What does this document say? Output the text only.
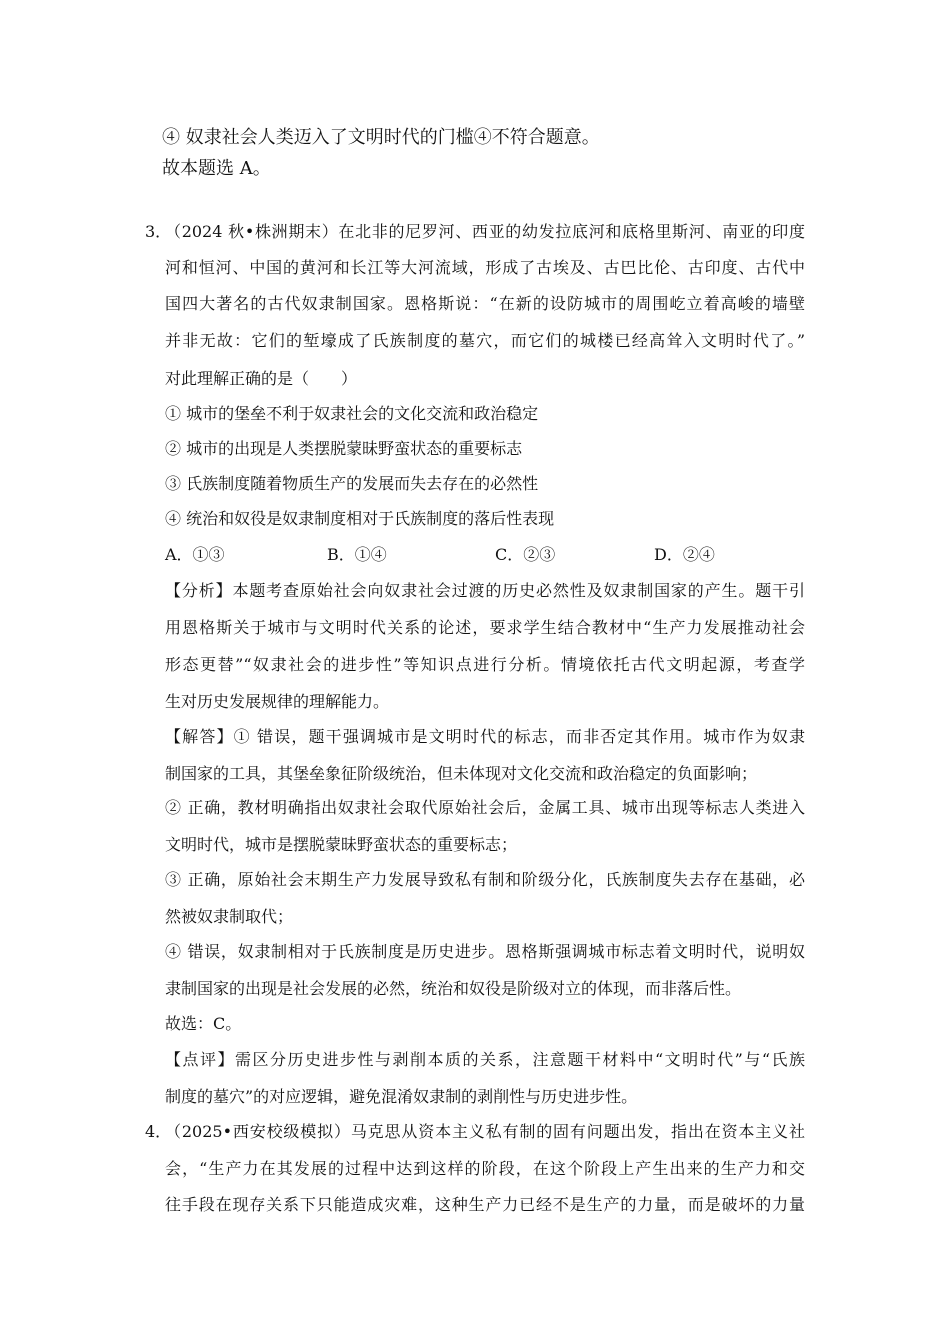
④ 奴隶社会人类迈入了文明时代的门槛④不符合题意。
故本题选 A。
3．
（2024 秋•株洲期末）在北非的尼罗河、西亚的幼发拉底河和底格里斯河、南亚的印度
河和恒河、中国的黄河和长江等大河流域，形成了古埃及、古巴比伦、古印度、古代中
国四大著名的古代奴隶制国家。恩格斯说：“在新的设防城市的周围屹立着高峻的墙壁
并非无故：它们的堑壕成了氏族制度的墓穴，而它们的城楼已经高耸入文明时代了。”
对此理解正确的是（　　）
① 城市的堡垒不利于奴隶社会的文化交流和政治稳定
② 城市的出现是人类摆脱蒙昧野蛮状态的重要标志
③ 氏族制度随着物质生产的发展而失去存在的必然性
④ 统治和奴役是奴隶制度相对于氏族制度的落后性表现
A．①③	B．①④	C．②③	D．②④
【分析】本题考查原始社会向奴隶社会过渡的历史必然性及奴隶制国家的产生。题干引
用恩格斯关于城市与文明时代关系的论述，要求学生结合教材中“生产力发展推动社会
形态更替”“奴隶社会的进步性”等知识点进行分析。情境依托古代文明起源，考查学
生对历史发展规律的理解能力。
【解答】① 错误，题干强调城市是文明时代的标志，而非否定其作用。城市作为奴隶
制国家的工具，其堡垒象征阶级统治，但未体现对文化交流和政治稳定的负面影响；
② 正确，教材明确指出奴隶社会取代原始社会后，金属工具、城市出现等标志人类进入
文明时代，城市是摆脱蒙昧野蛮状态的重要标志；
③ 正确，原始社会末期生产力发展导致私有制和阶级分化，氏族制度失去存在基础，必
然被奴隶制取代；
④ 错误，奴隶制相对于氏族制度是历史进步。恩格斯强调城市标志着文明时代，说明奴
隶制国家的出现是社会发展的必然，统治和奴役是阶级对立的体现，而非落后性。
故选：C。
【点评】需区分历史进步性与剥削本质的关系，注意题干材料中“文明时代”与“氏族
制度的墓穴”的对应逻辑，避免混淆奴隶制的剥削性与历史进步性。
4．
（2025•西安校级模拟）马克思从资本主义私有制的固有问题出发，指出在资本主义社
会，“生产力在其发展的过程中达到这样的阶段，在这个阶段上产生出来的生产力和交
往手段在现存关系下只能造成灾难，这种生产力已经不是生产的力量，而是破坏的力量
